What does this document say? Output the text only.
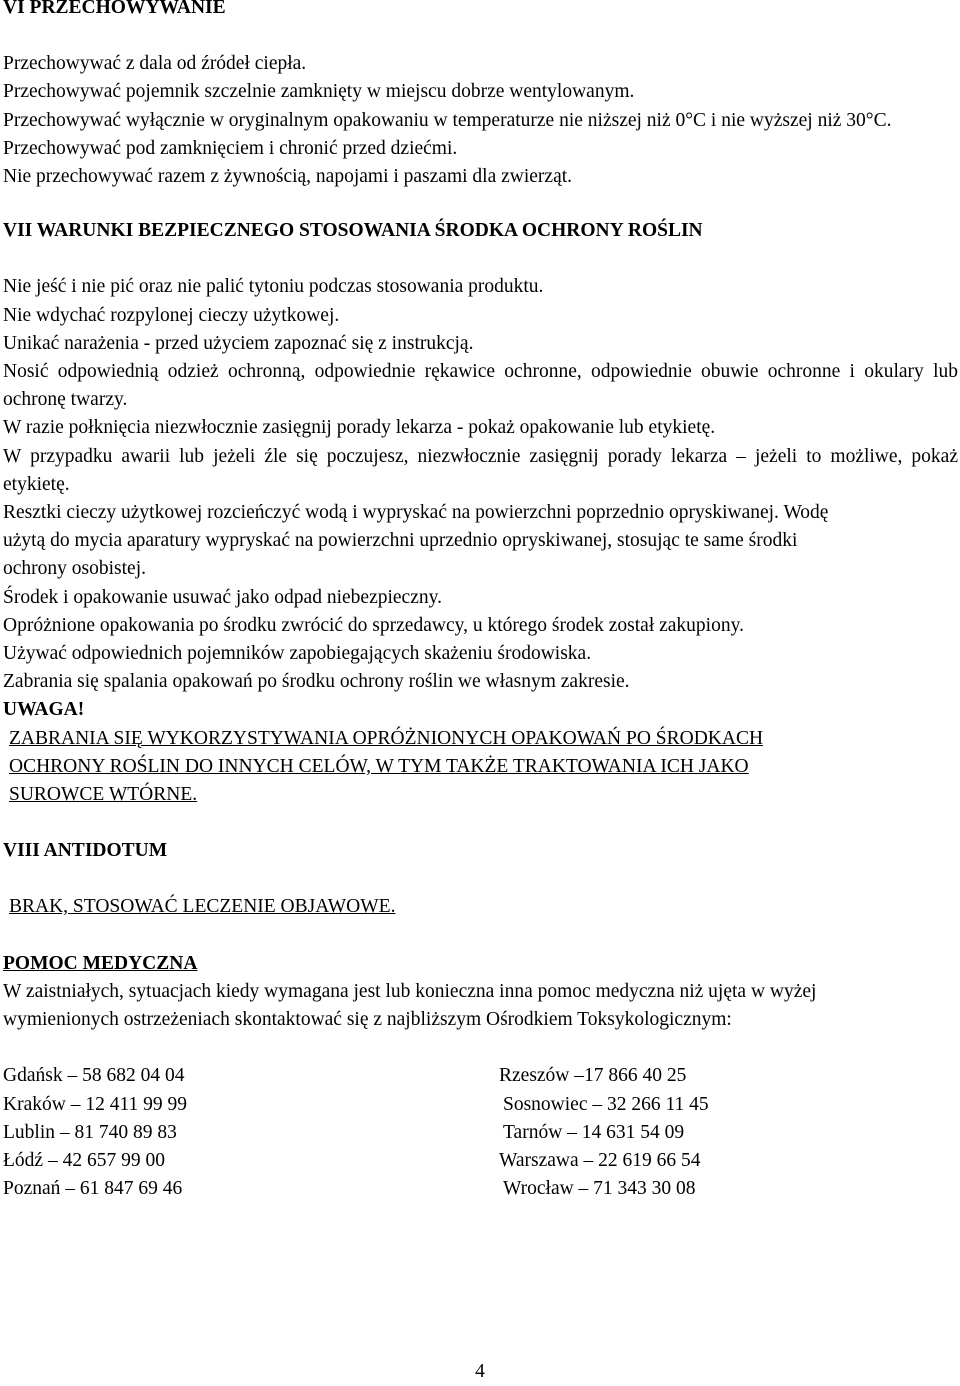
VI PRZECHOWYWANIE

Przechowywać z dala od źródeł ciepła.

Przechowywać pojemnik szczelnie zamknięty w miejscu dobrze wentylowanym.

Przechowywać wyłącznie w oryginalnym opakowaniu w temperaturze nie niższej niż 0°C i nie wyższej niż 30°C.

Przechowywać pod zamknięciem i chronić przed dziećmi.

Nie przechowywać razem z żywnością, napojami i paszami dla zwierząt.

VII WARUNKI BEZPIECZNEGO STOSOWANIA ŚRODKA OCHRONY ROŚLIN

Nie jeść i nie pić oraz nie palić tytoniu podczas stosowania produktu.

Nie wdychać rozpylonej cieczy użytkowej.

Unikać narażenia - przed użyciem zapoznać się z instrukcją.

Nosić odpowiednią odzież ochronną, odpowiednie rękawice ochronne, odpowiednie obuwie ochronne i okulary lub ochronę twarzy.

W razie połknięcia niezwłocznie zasięgnij porady lekarza - pokaż opakowanie lub etykietę.

W przypadku awarii lub jeżeli źle się poczujesz, niezwłocznie zasięgnij porady lekarza – jeżeli to możliwe, pokaż etykietę.

Resztki cieczy użytkowej rozcieńczyć wodą i wypryskać na powierzchni poprzednio opryskiwanej. Wodę użytą do mycia aparatury wypryskać na powierzchni uprzednio opryskiwanej, stosując te same środki ochrony osobistej.

Środek i opakowanie usuwać jako odpad niebezpieczny.

Opróżnione opakowania po środku zwrócić do sprzedawcy, u którego środek został zakupiony.

Używać odpowiednich pojemników zapobiegających skażeniu środowiska.

Zabrania się spalania opakowań po środku ochrony roślin we własnym zakresie.

UWAGA!

ZABRANIA SIĘ WYKORZYSTYWANIA OPRÓŻNIONYCH OPAKOWAŃ PO ŚRODKACH OCHRONY ROŚLIN DO INNYCH CELÓW, W TYM TAKŻE TRAKTOWANIA ICH JAKO SUROWCE WTÓRNE.

VIII ANTIDOTUM

BRAK, STOSOWAĆ LECZENIE OBJAWOWE.

POMOC MEDYCZNA

W zaistniałych, sytuacjach kiedy wymagana jest lub konieczna inna pomoc medyczna niż ujęta w wyżej wymienionych ostrzeżeniach skontaktować się z najbliższym Ośrodkiem Toksykologicznym:

Gdańsk – 58 682 04 04
Kraków – 12 411 99 99
Lublin – 81 740 89 83
Łódź – 42 657 99 00
Poznań – 61 847 69 46
Rzeszów –17 866 40 25
Sosnowiec – 32 266 11 45
Tarnów – 14 631 54 09
Warszawa – 22 619 66 54
Wrocław – 71 343 30 08
4
